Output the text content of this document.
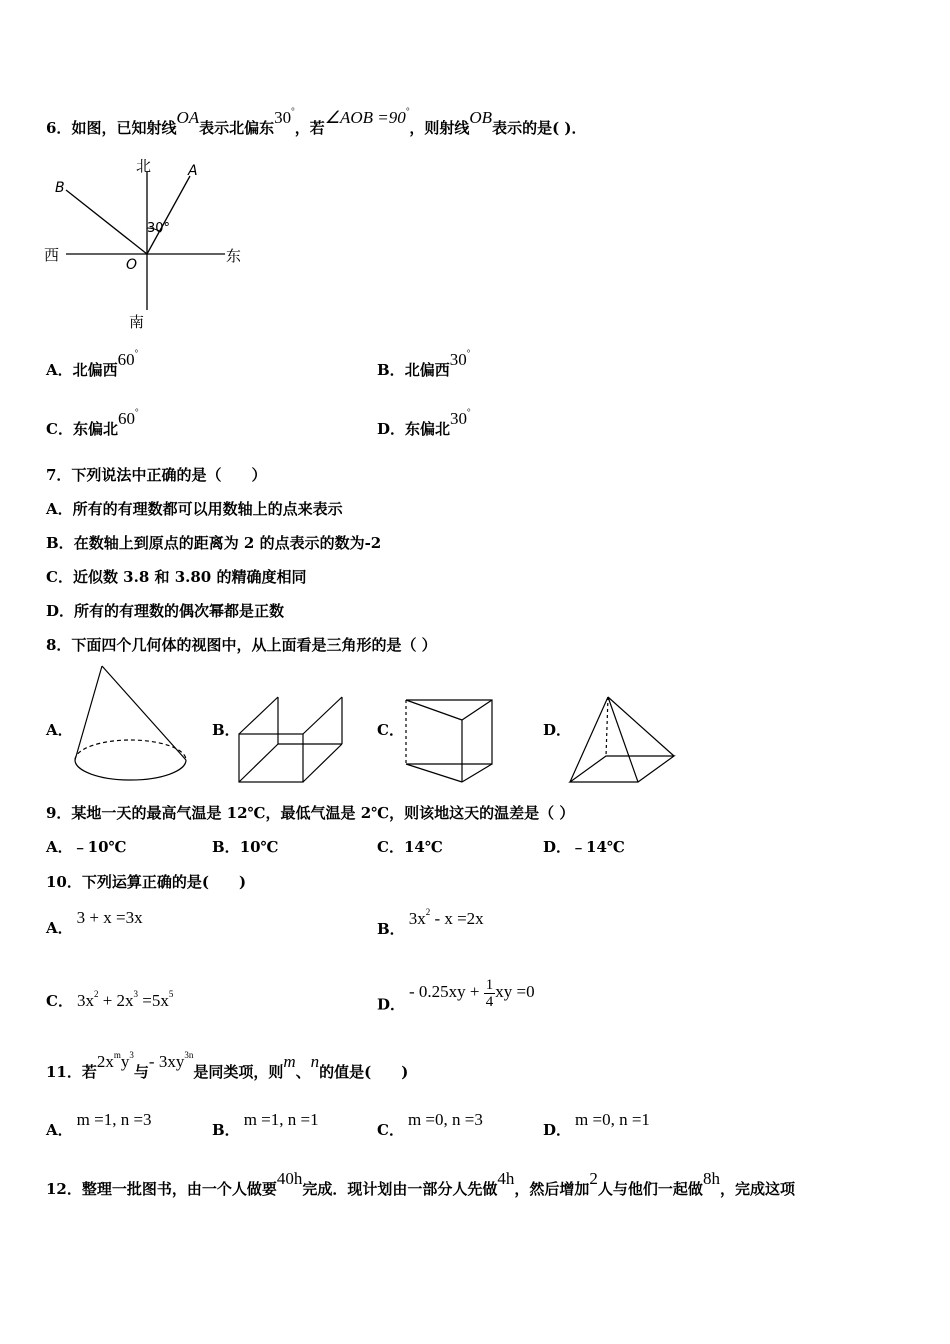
6．如图，已知射线OA表示北偏东30°，若∠AOB =90°，则射线OB表示的是( )．
北
南
西	东
A
B
O
30°
A．北偏西60°
B．北偏西30°
C．东偏北60°
D．东偏北30°
7．下列说法中正确的是（　　）
A．所有的有理数都可以用数轴上的点来表示
B．在数轴上到原点的距离为 2 的点表示的数为-2
C．近似数 3.8 和 3.80 的精确度相同
D．所有的有理数的偶次幂都是正数
8．下面四个几何体的视图中，从上面看是三角形的是（ ）
A．	B．	C．	D．
9．某地一天的最高气温是 12℃，最低气温是 2℃，则该地这天的温差是（ ）
A．﹣10℃	B．10℃	C．14℃	D．﹣14℃
10．下列运算正确的是(　　)
A．3 + x =3x
B．$3x^2 - x =2x$
C． $3x^2 + 2x^3 =5x^5$
D．- $0.25xy + \frac{1}{4}$ xy =0
11．若$2x^my^3$与- $3xy^{3n}$是同类项，则m、n的值是(　　)
A．m =1, n =3
B．m =1, n =1
C．m =0, n =3
D．m =0, n =1
12．整理一批图书，由一个人做要40h完成．现计划由一部分人先做4h，然后增加2人与他们一起做8h，完成这项
